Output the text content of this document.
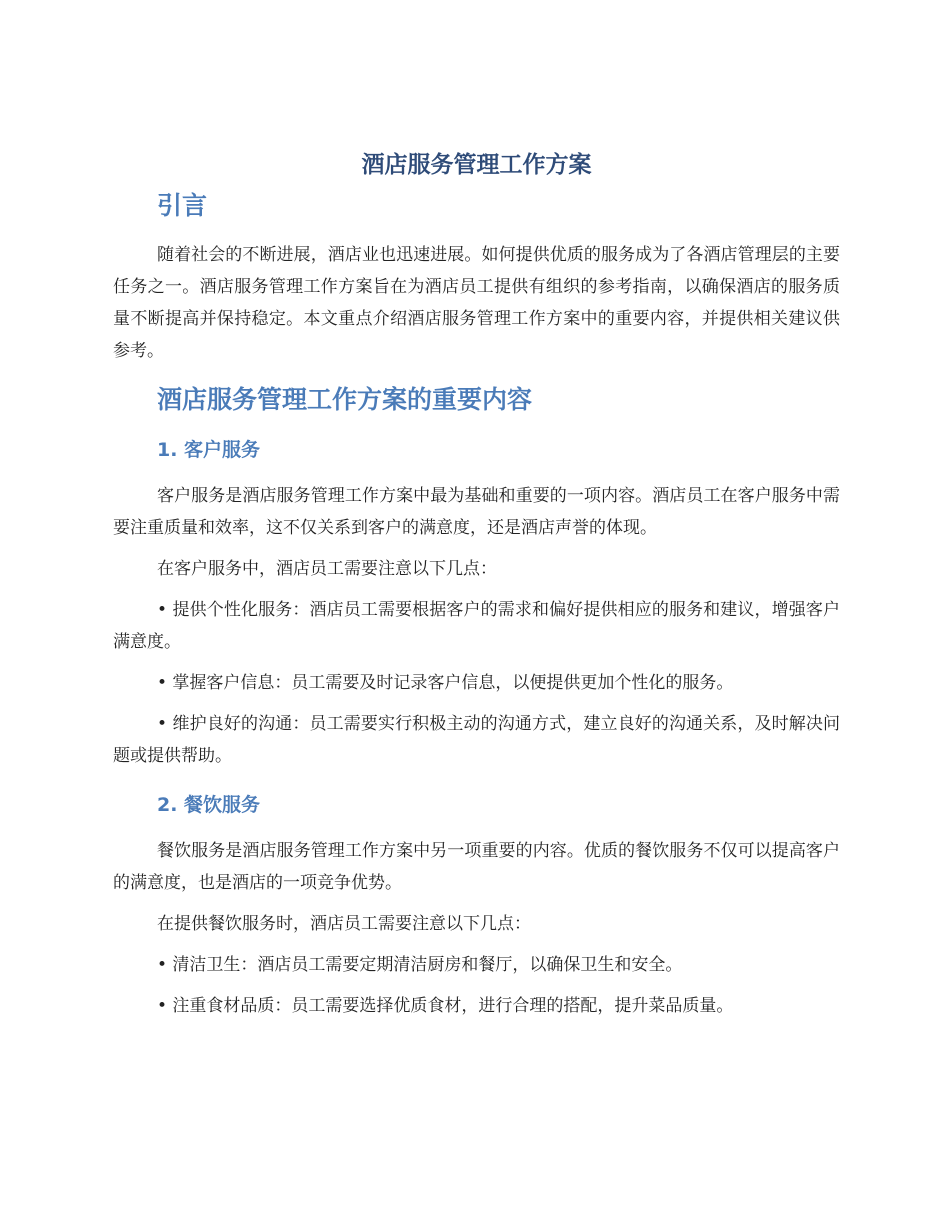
酒店服务管理工作方案
引言

随着社会的不断进展，酒店业也迅速进展。如何提供优质的服务成为了各酒店管理层的主要任务之一。酒店服务管理工作方案旨在为酒店员工提供有组织的参考指南，以确保酒店的服务质量不断提高并保持稳定。本文重点介绍酒店服务管理工作方案中的重要内容，并提供相关建议供参考。

酒店服务管理工作方案的重要内容
1. 客户服务

客户服务是酒店服务管理工作方案中最为基础和重要的一项内容。酒店员工在客户服务中需要注重质量和效率，这不仅关系到客户的满意度，还是酒店声誉的体现。

在客户服务中，酒店员工需要注意以下几点：

• 提供个性化服务：酒店员工需要根据客户的需求和偏好提供相应的服务和建议，增强客户满意度。

• 掌握客户信息：员工需要及时记录客户信息，以便提供更加个性化的服务。

• 维护良好的沟通：员工需要实行积极主动的沟通方式，建立良好的沟通关系，及时解决问题或提供帮助。

2. 餐饮服务

餐饮服务是酒店服务管理工作方案中另一项重要的内容。优质的餐饮服务不仅可以提高客户的满意度，也是酒店的一项竞争优势。

在提供餐饮服务时，酒店员工需要注意以下几点：

• 清洁卫生：酒店员工需要定期清洁厨房和餐厅，以确保卫生和安全。

• 注重食材品质：员工需要选择优质食材，进行合理的搭配，提升菜品质量。
